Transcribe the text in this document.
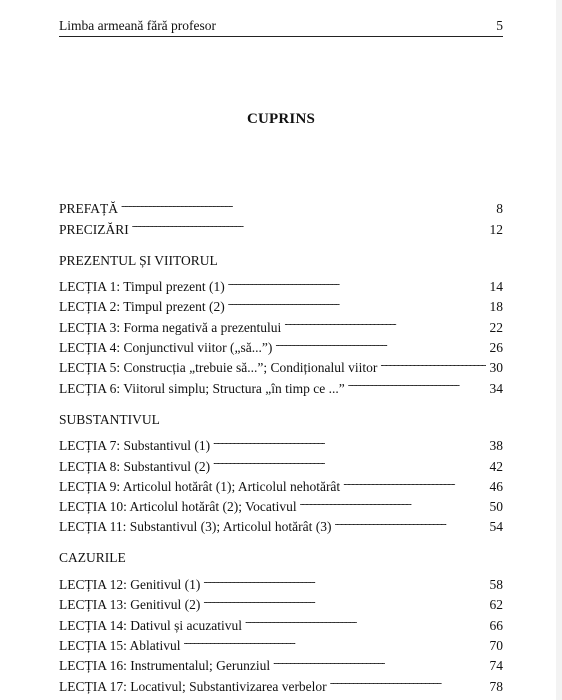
Limba armeană fără profesor	5
CUPRINS
PREFAȚĂ . . .	8
PRECIZĂRI . . .	12
PREZENTUL ȘI VIITORUL
LECȚIA 1: Timpul prezent (1) . . .	14
LECȚIA 2: Timpul prezent (2) . . .	18
LECȚIA 3: Forma negativă a prezentului . . .	22
LECȚIA 4: Conjunctivul viitor („să...”) . . .	26
LECȚIA 5: Construcția „trebuie să...”; Condiționalul viitor . . .	30
LECȚIA 6: Viitorul simplu; Structura „în timp ce ...” . . .	34
SUBSTANTIVUL
LECȚIA 7: Substantivul (1) . . .	38
LECȚIA 8: Substantivul (2) . . .	42
LECȚIA 9: Articolul hotărât (1); Articolul nehotărât . . .	46
LECȚIA 10: Articolul hotărât (2); Vocativul . . .	50
LECȚIA 11: Substantivul (3); Articolul hotărât (3) . . .	54
CAZURILE
LECȚIA 12: Genitivul (1) . . .	58
LECȚIA 13: Genitivul (2) . . .	62
LECȚIA 14: Dativul și acuzativul . . .	66
LECȚIA 15: Ablativul . . .	70
LECȚIA 16: Instrumentalul; Gerunziul . . .	74
LECȚIA 17: Locativul; Substantivizarea verbelor . . .	78
